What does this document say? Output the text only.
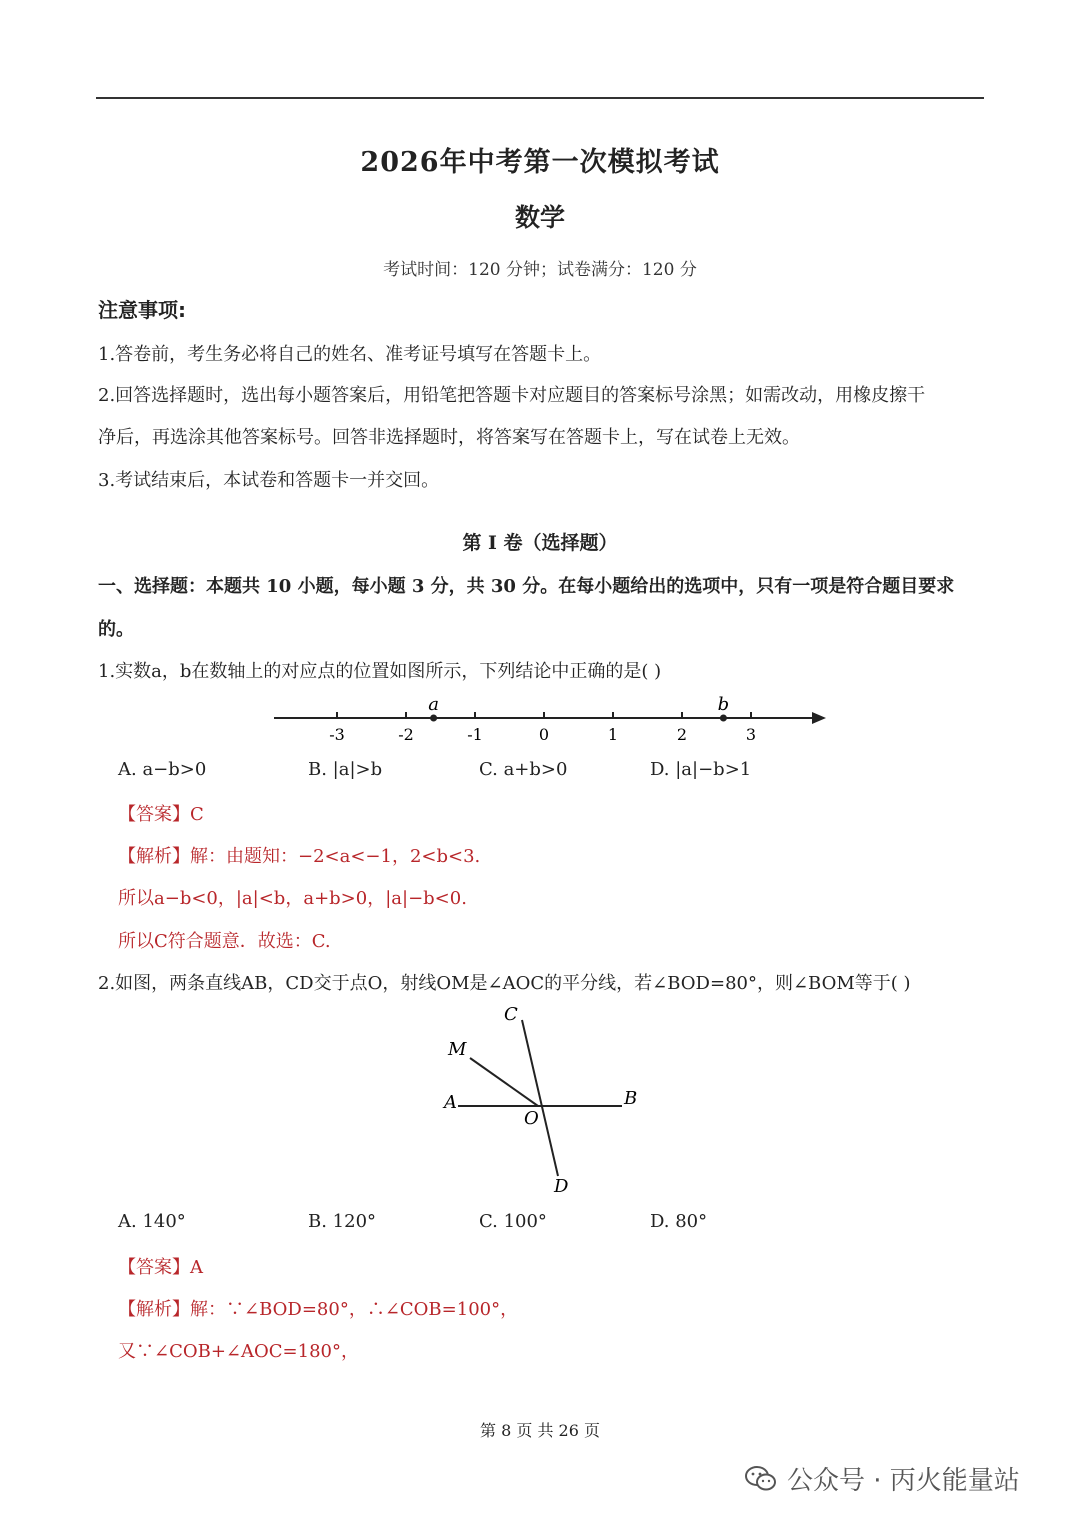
2026年中考第一次模拟考试
数学
考试时间：120 分钟；试卷满分：120 分
注意事项:
1.答卷前，考生务必将自己的姓名、准考证号填写在答题卡上。
2.回答选择题时，选出每小题答案后，用铅笔把答题卡对应题目的答案标号涂黑；如需改动，用橡皮擦干
净后，再选涂其他答案标号。回答非选择题时，将答案写在答题卡上，写在试卷上无效。
3.考试结束后，本试卷和答题卡一并交回。
第 I 卷（选择题）
一、选择题：本题共 10 小题，每小题 3 分，共 30 分。在每小题给出的选项中，只有一项是符合题目要求
的。
1.实数a，b在数轴上的对应点的位置如图所示，下列结论中正确的是( )
-3	-2	-1	0	1	2	3
a	b
A. a−b>0	B. |a|>b	C. a+b>0	D. |a|−b>1
【答案】C
【解析】解：由题知：−2<a<−1，2<b<3.
所以a−b<0，|a|<b，a+b>0，|a|−b<0.
所以C符合题意．故选：C.
2.如图，两条直线AB，CD交于点O，射线OM是∠AOC的平分线，若∠BOD=80°，则∠BOM等于( )
A	B
C
D
M
O
A. 140°	B. 120°	C. 100°	D. 80°
【答案】A
【解析】解：∵∠BOD=80°，∴∠COB=100°，
又∵∠COB+∠AOC=180°，
第 8 页 共 26 页
公众号 · 丙火能量站
